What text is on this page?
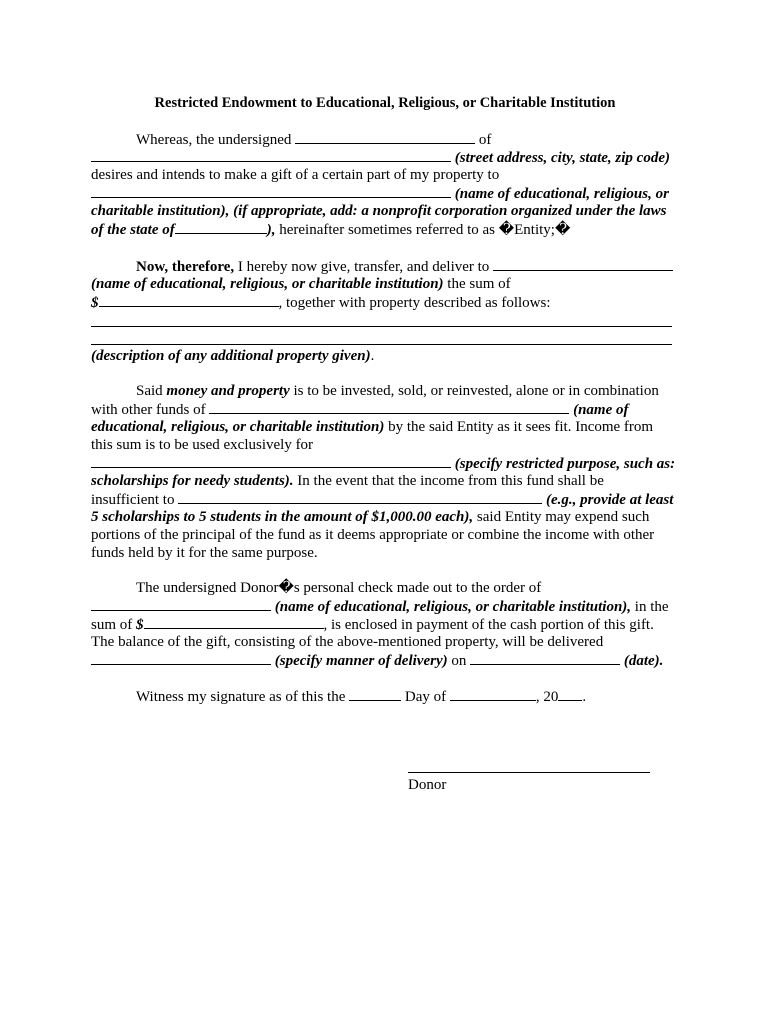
Restricted Endowment to Educational, Religious, or Charitable Institution
Whereas, the undersigned	of
(street address, city, state, zip code)
desires and intends to make a gift of a certain part of my property to
(name of educational, religious, or
charitable institution), (if appropriate, add: a nonprofit corporation organized under the laws
of the state of	), hereinafter sometimes referred to as �Entity;�
Now, therefore, I hereby now give, transfer, and deliver to
(name of educational, religious, or charitable institution) the sum of
$	, together with property described as follows:
(description of any additional property given).
Said money and property is to be invested, sold, or reinvested, alone or in combination
with other funds of	(name of
educational, religious, or charitable institution) by the said Entity as it sees fit. Income from
this sum is to be used exclusively for
(specify restricted purpose, such as:
scholarships for needy students). In the event that the income from this fund shall be
insufficient to	(e.g., provide at least
5 scholarships to 5 students in the amount of $1,000.00 each), said Entity may expend such
portions of the principal of the fund as it deems appropriate or combine the income with other
funds held by it for the same purpose.
The undersigned Donor�s personal check made out to the order of
(name of educational, religious, or charitable institution), in the
sum of $	, is enclosed in payment of the cash portion of this gift.
The balance of the gift, consisting of the above-mentioned property, will be delivered
(specify manner of delivery) on	(date).
Witness my signature as of this the	Day of	, 20 .
Donor
